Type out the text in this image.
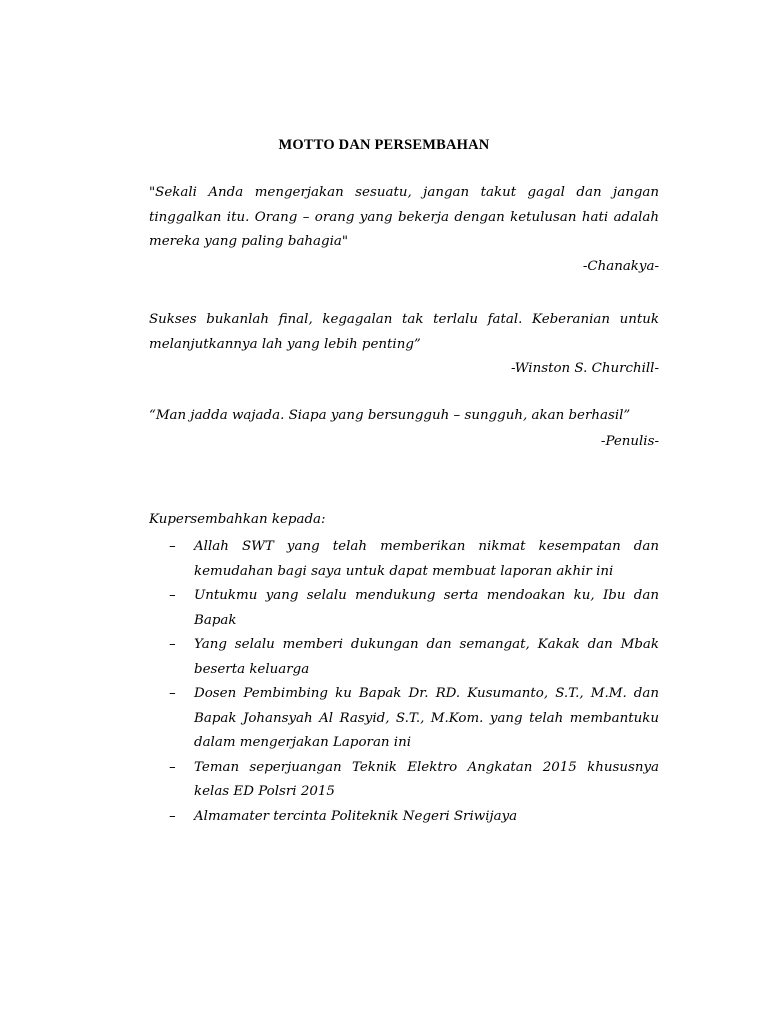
MOTTO DAN PERSEMBAHAN
"Sekali Anda mengerjakan sesuatu, jangan takut gagal dan jangan tinggalkan itu. Orang – orang yang bekerja dengan ketulusan hati adalah mereka yang paling bahagia"
-Chanakya-
Sukses bukanlah final, kegagalan tak terlalu fatal. Keberanian untuk melanjutkannya lah yang lebih penting”
-Winston S. Churchill-
“Man jadda wajada. Siapa yang bersungguh – sungguh, akan berhasil”
-Penulis-
Kupersembahkan kepada:
– Allah SWT yang telah memberikan nikmat kesempatan dan kemudahan bagi saya untuk dapat membuat laporan akhir ini
– Untukmu yang selalu mendukung serta mendoakan ku, Ibu dan Bapak
– Yang selalu memberi dukungan dan semangat, Kakak dan Mbak beserta keluarga
– Dosen Pembimbing ku Bapak Dr. RD. Kusumanto, S.T., M.M. dan Bapak Johansyah Al Rasyid, S.T., M.Kom. yang telah membantuku dalam mengerjakan Laporan ini
– Teman seperjuangan Teknik Elektro Angkatan 2015 khususnya kelas ED Polsri 2015
– Almamater tercinta Politeknik Negeri Sriwijaya
